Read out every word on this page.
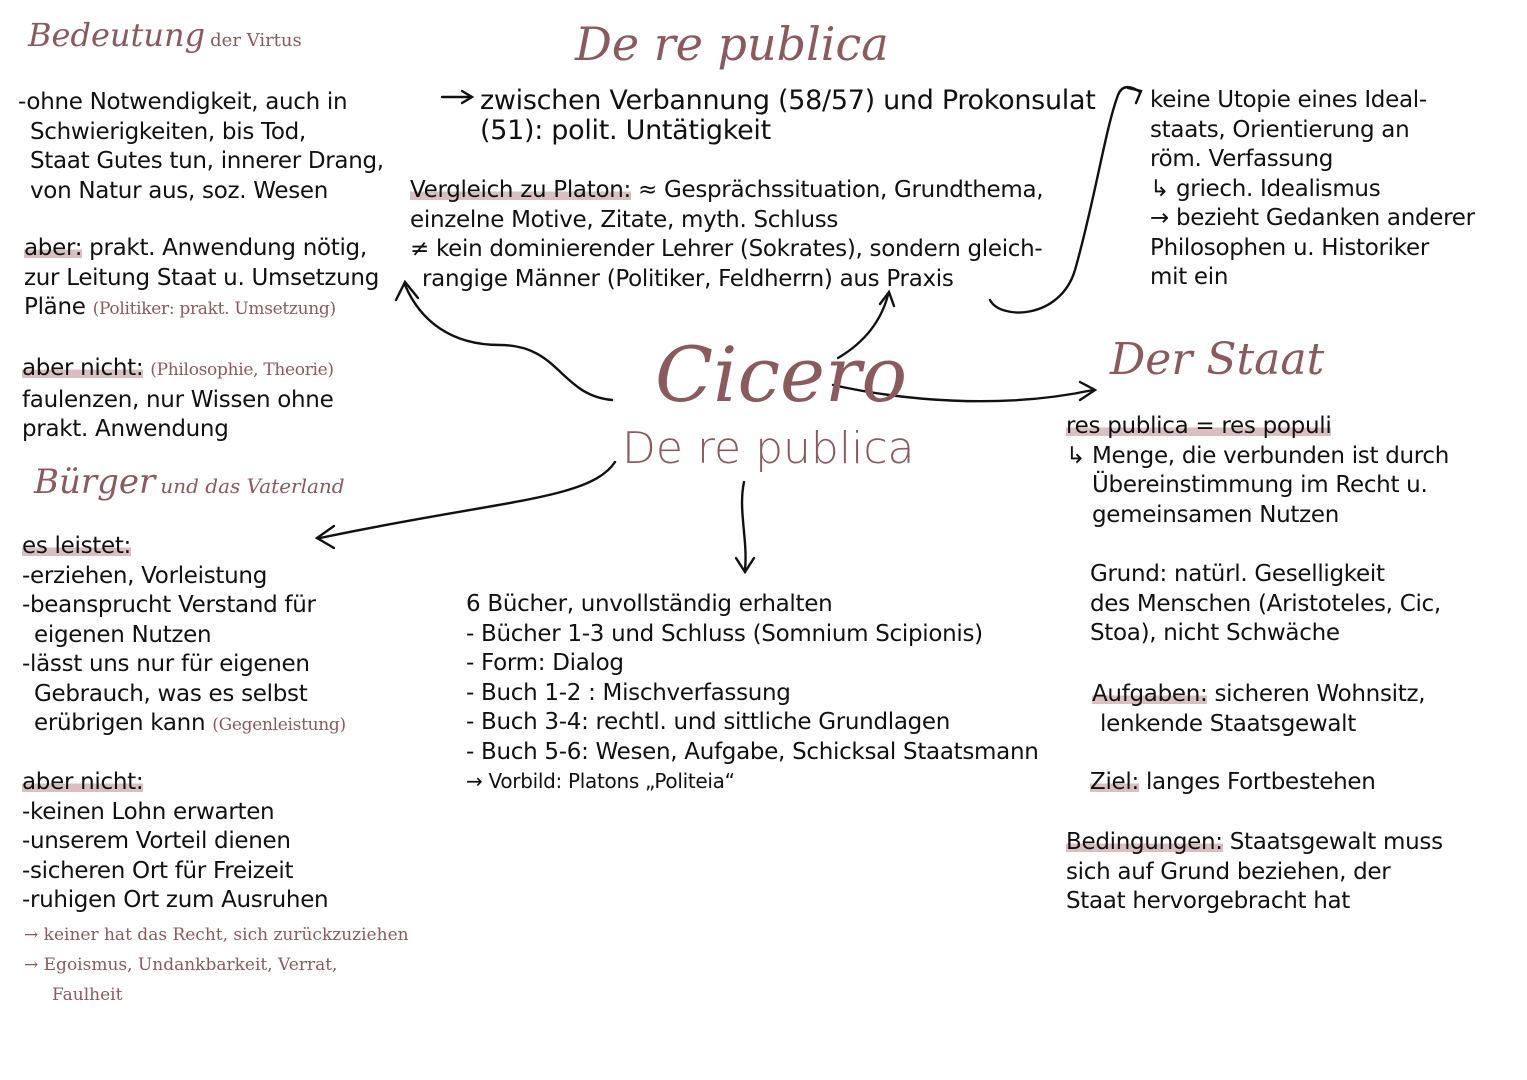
Cicero
De re publica
De re publica
zwischen Verbannung (58/57) und Prokonsulat
(51): polit. Untätigkeit
Vergleich zu Platon: ≈ Gesprächssituation, Grundthema,
einzelne Motive, Zitate, myth. Schluss
≠ kein dominierender Lehrer (Sokrates), sondern gleich-
rangige Männer (Politiker, Feldherrn) aus Praxis
keine Utopie eines Ideal-
staats, Orientierung an
röm. Verfassung
↳ griech. Idealismus
→ bezieht Gedanken anderer
Philosophen u. Historiker
mit ein
Bedeutung der Virtus
-ohne Notwendigkeit, auch in
Schwierigkeiten, bis Tod,
Staat Gutes tun, innerer Drang,
von Natur aus, soz. Wesen
aber: prakt. Anwendung nötig,
zur Leitung Staat u. Umsetzung
Pläne (Politiker: prakt. Umsetzung)
aber nicht: (Philosophie, Theorie)
faulenzen, nur Wissen ohne
prakt. Anwendung
Bürger und das Vaterland
es leistet:
-erziehen, Vorleistung
-beansprucht Verstand für
eigenen Nutzen
-lässt uns nur für eigenen
Gebrauch, was es selbst
erübrigen kann (Gegenleistung)
aber nicht:
-keinen Lohn erwarten
-unserem Vorteil dienen
-sicheren Ort für Freizeit
-ruhigen Ort zum Ausruhen
→ keiner hat das Recht, sich zurückzuziehen
→ Egoismus, Undankbarkeit, Verrat,
Faulheit
6 Bücher, unvollständig erhalten
- Bücher 1-3 und Schluss (Somnium Scipionis)
- Form: Dialog
- Buch 1-2 : Mischverfassung
- Buch 3-4: rechtl. und sittliche Grundlagen
- Buch 5-6: Wesen, Aufgabe, Schicksal Staatsmann
→ Vorbild: Platons „Politeia“
Der Staat
res publica = res populi
↳ Menge, die verbunden ist durch
Übereinstimmung im Recht u.
gemeinsamen Nutzen
Grund: natürl. Geselligkeit
des Menschen (Aristoteles, Cic,
Stoa), nicht Schwäche
Aufgaben: sicheren Wohnsitz,
lenkende Staatsgewalt
Ziel: langes Fortbestehen
Bedingungen: Staatsgewalt muss
sich auf Grund beziehen, der
Staat hervorgebracht hat
